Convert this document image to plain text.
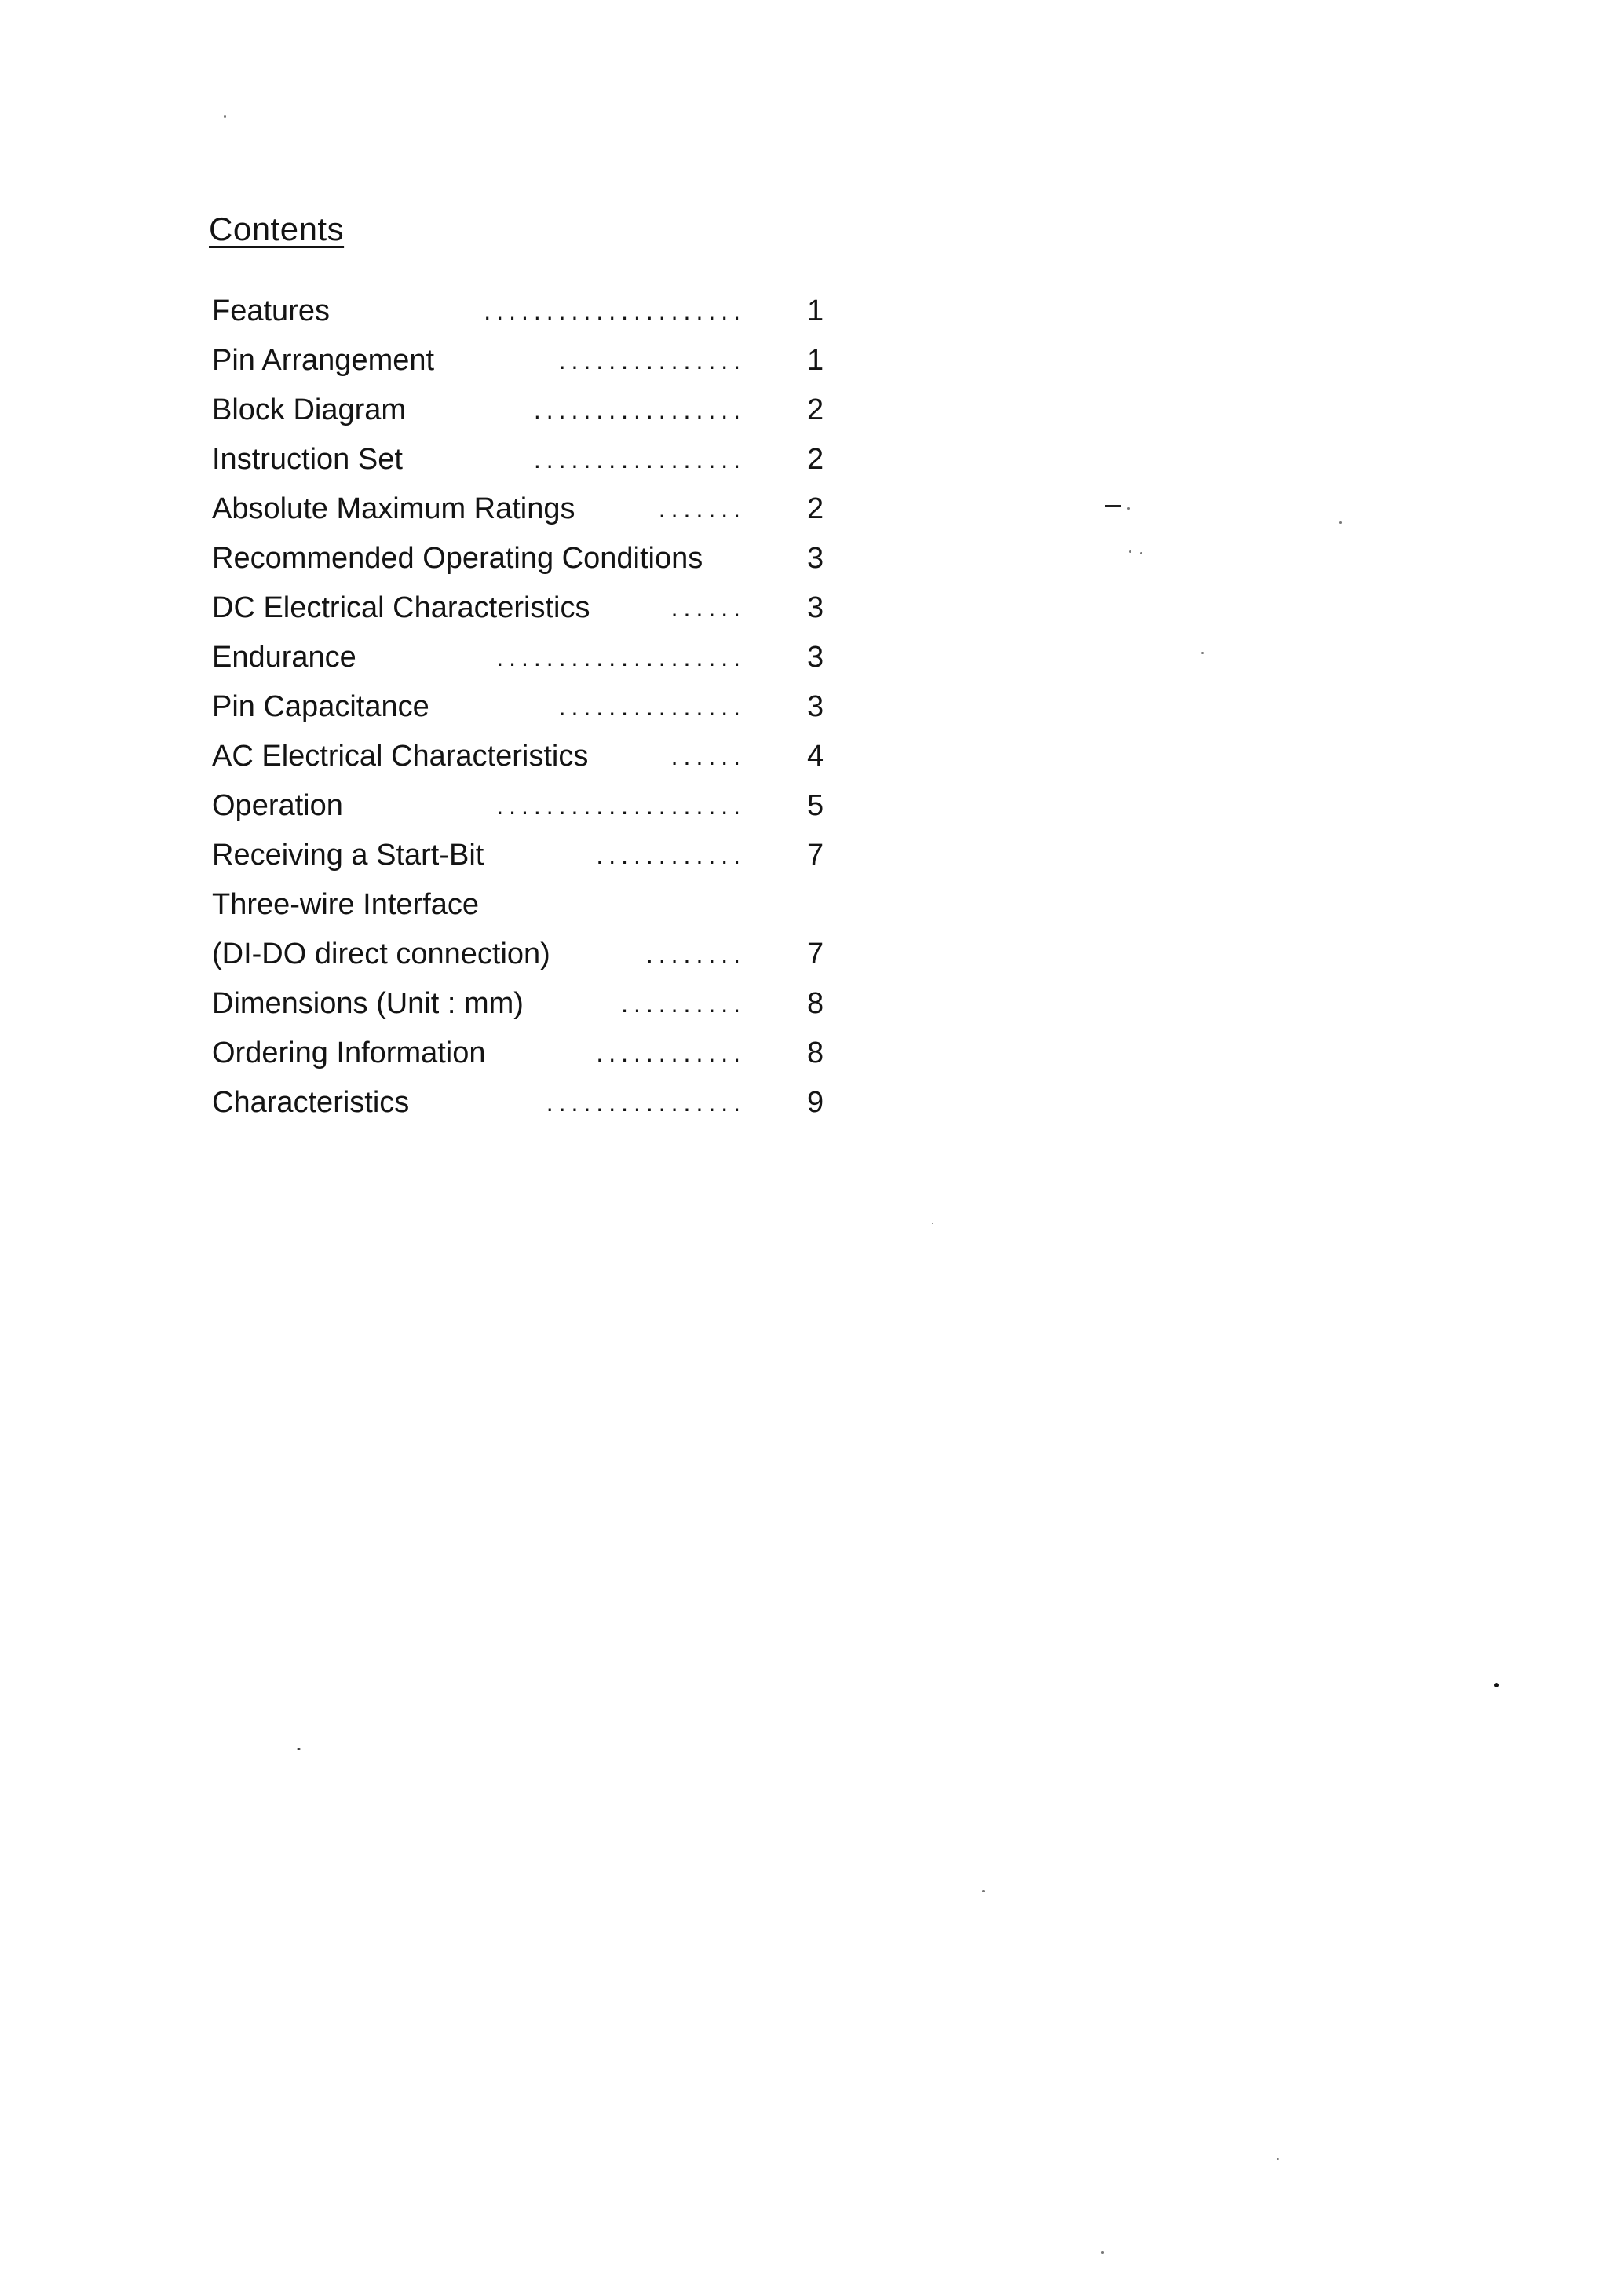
Contents
Features	..................... 1
Pin Arrangement	............... 1
Block Diagram	................. 2
Instruction Set	................. 2
Absolute Maximum Ratings	....... 2
Recommended Operating Conditions	3
DC Electrical Characteristics	...... 3
Endurance	.................... 3
Pin Capacitance	............... 3
AC Electrical Characteristics	...... 4
Operation	.................... 5
Receiving a Start-Bit	............ 7
Three-wire Interface
(DI-DO direct connection)	........ 7
Dimensions (Unit : mm)	.......... 8
Ordering Information	............ 8
Characteristics	................ 9
